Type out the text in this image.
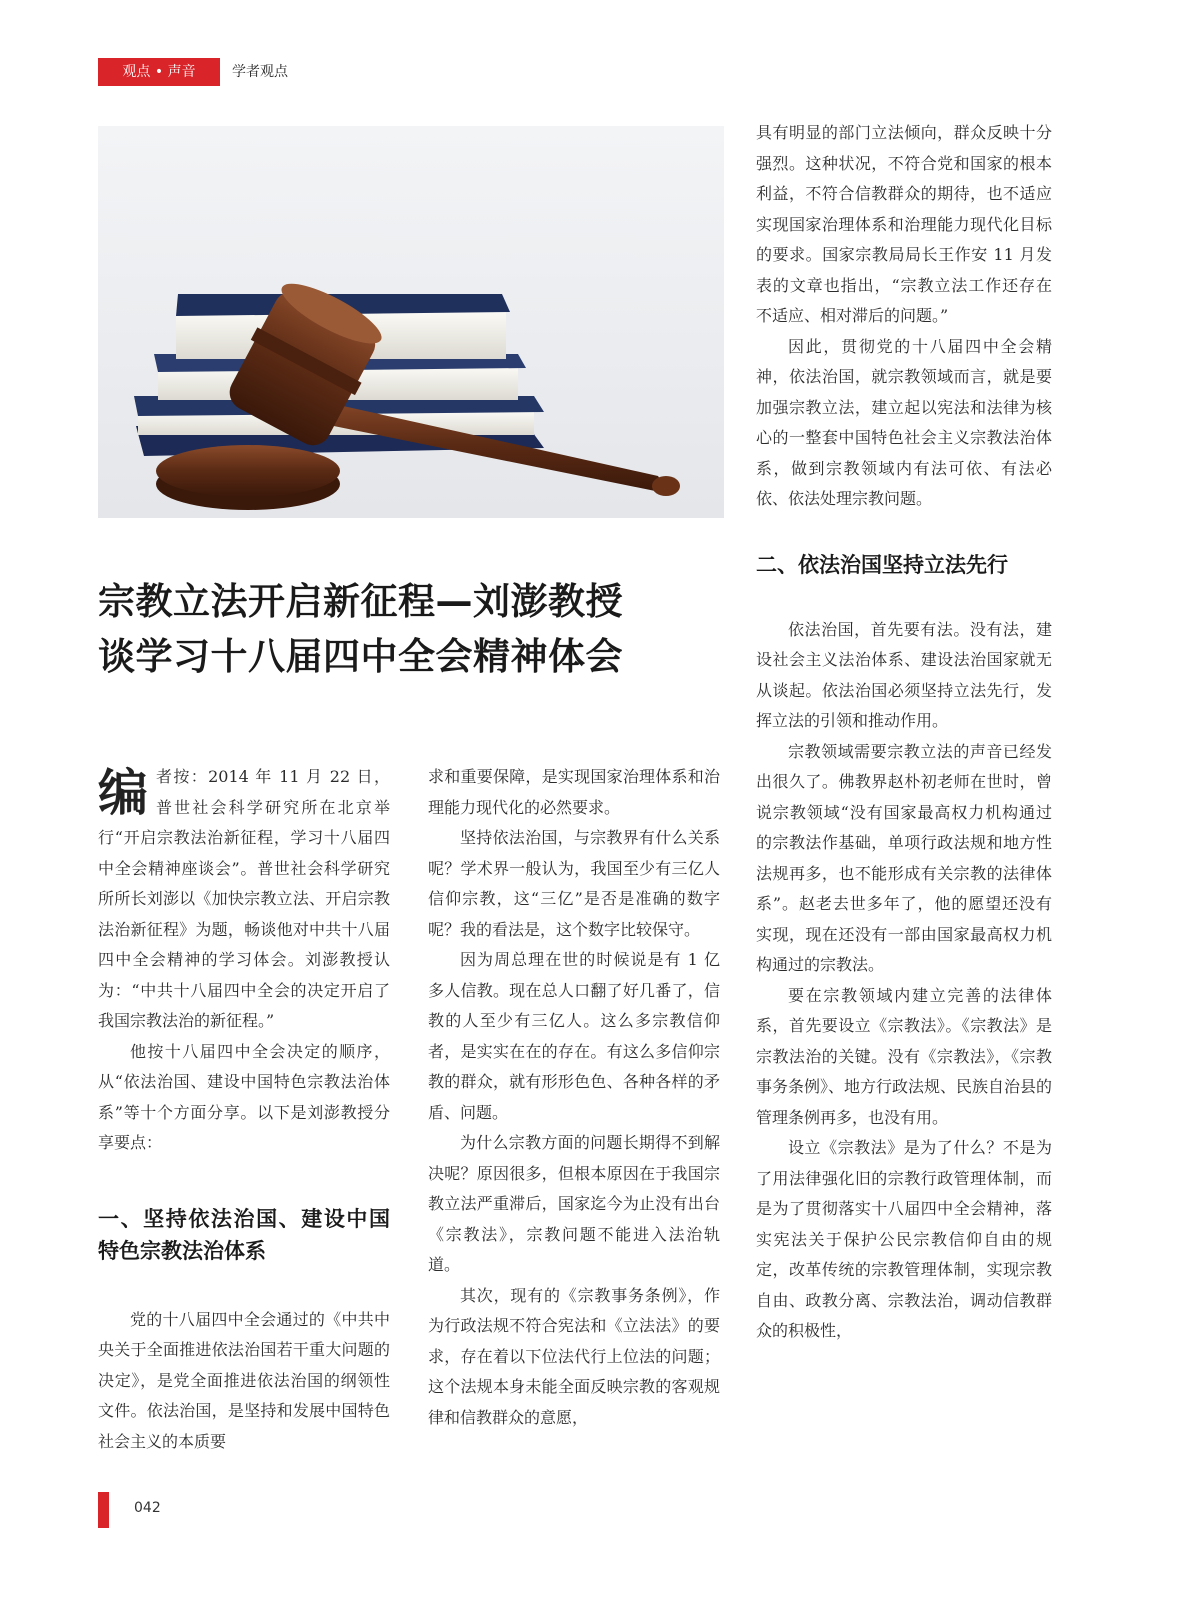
观点 • 声音	学者观点
宗教立法开启新征程—刘澎教授
谈学习十八届四中全会精神体会

编者按：2014 年 11 月 22 日，普世社会科学研究所在北京举行“开启宗教法治新征程，学习十八届四中全会精神座谈会”。普世社会科学研究所所长刘澎以《加快宗教立法、开启宗教法治新征程》为题，畅谈他对中共十八届四中全会精神的学习体会。刘澎教授认为：“中共十八届四中全会的决定开启了我国宗教法治的新征程。”

他按十八届四中全会决定的顺序，从“依法治国、建设中国特色宗教法治体系”等十个方面分享。以下是刘澎教授分享要点：

一、坚持依法治国、建设中国特色宗教法治体系

党的十八届四中全会通过的《中共中央关于全面推进依法治国若干重大问题的决定》，是党全面推进依法治国的纲领性文件。依法治国，是坚持和发展中国特色社会主义的本质要

求和重要保障，是实现国家治理体系和治理能力现代化的必然要求。

坚持依法治国，与宗教界有什么关系呢？学术界一般认为，我国至少有三亿人信仰宗教，这“三亿”是否是准确的数字呢？我的看法是，这个数字比较保守。

因为周总理在世的时候说是有 1 亿多人信教。现在总人口翻了好几番了，信教的人至少有三亿人。这么多宗教信仰者，是实实在在的存在。有这么多信仰宗教的群众，就有形形色色、各种各样的矛盾、问题。

为什么宗教方面的问题长期得不到解决呢？原因很多，但根本原因在于我国宗教立法严重滞后，国家迄今为止没有出台《宗教法》，宗教问题不能进入法治轨道。

其次，现有的《宗教事务条例》，作为行政法规不符合宪法和《立法法》的要求，存在着以下位法代行上位法的问题；这个法规本身未能全面反映宗教的客观规律和信教群众的意愿，

具有明显的部门立法倾向，群众反映十分强烈。这种状况，不符合党和国家的根本利益，不符合信教群众的期待，也不适应实现国家治理体系和治理能力现代化目标的要求。国家宗教局局长王作安 11 月发表的文章也指出，“宗教立法工作还存在不适应、相对滞后的问题。”

因此，贯彻党的十八届四中全会精神，依法治国，就宗教领域而言，就是要加强宗教立法，建立起以宪法和法律为核心的一整套中国特色社会主义宗教法治体系，做到宗教领域内有法可依、有法必依、依法处理宗教问题。

二、依法治国坚持立法先行

依法治国，首先要有法。没有法，建设社会主义法治体系、建设法治国家就无从谈起。依法治国必须坚持立法先行，发挥立法的引领和推动作用。

宗教领域需要宗教立法的声音已经发出很久了。佛教界赵朴初老师在世时，曾说宗教领域“没有国家最高权力机构通过的宗教法作基础，单项行政法规和地方性法规再多，也不能形成有关宗教的法律体系”。赵老去世多年了，他的愿望还没有实现，现在还没有一部由国家最高权力机构通过的宗教法。

要在宗教领域内建立完善的法律体系，首先要设立《宗教法》。《宗教法》是宗教法治的关键。没有《宗教法》，《宗教事务条例》、地方行政法规、民族自治县的管理条例再多，也没有用。

设立《宗教法》是为了什么？不是为了用法律强化旧的宗教行政管理体制，而是为了贯彻落实十八届四中全会精神，落实宪法关于保护公民宗教信仰自由的规定，改革传统的宗教管理体制，实现宗教自由、政教分离、宗教法治，调动信教群众的积极性，

042
